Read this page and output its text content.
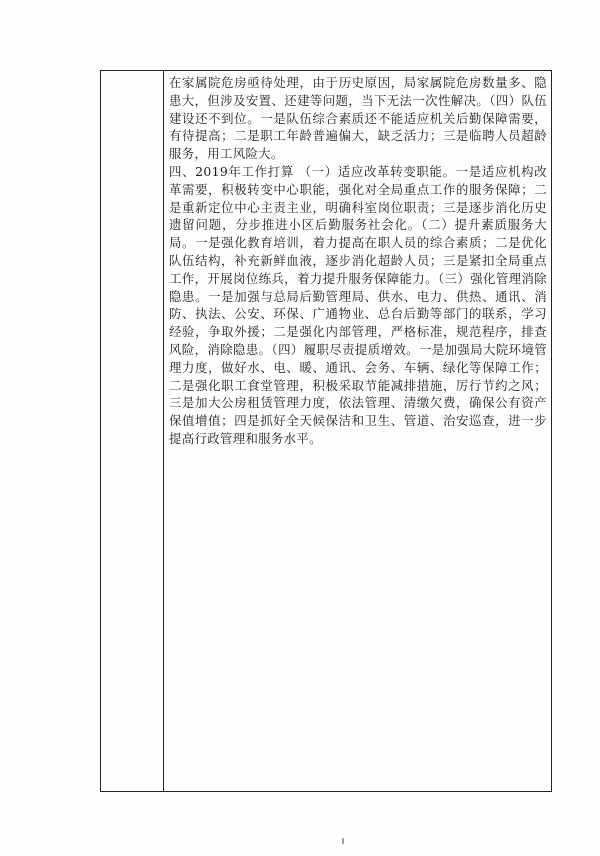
在家属院危房亟待处理，由于历史原因，局家属院危房数量多、隐患大，但涉及安置、还建等问题，当下无法一次性解决。（四）队伍建设还不到位。一是队伍综合素质还不能适应机关后勤保障需要，有待提高；二是职工年龄普遍偏大，缺乏活力；三是临聘人员超龄服务，用工风险大。

四、2019年工作打算 （一）适应改革转变职能。一是适应机构改革需要，积极转变中心职能，强化对全局重点工作的服务保障；二是重新定位中心主责主业，明确科室岗位职责；三是逐步消化历史遗留问题，分步推进小区后勤服务社会化。（二）提升素质服务大局。一是强化教育培训，着力提高在职人员的综合素质；二是优化队伍结构，补充新鲜血液，逐步消化超龄人员；三是紧扣全局重点工作，开展岗位练兵，着力提升服务保障能力。（三）强化管理消除隐患。一是加强与总局后勤管理局、供水、电力、供热、通讯、消防、执法、公安、环保、广通物业、总台后勤等部门的联系，学习经验，争取外援；二是强化内部管理，严格标准，规范程序，排查风险，消除隐患。（四）履职尽责提质增效。一是加强局大院环境管理力度，做好水、电、暖、通讯、会务、车辆、绿化等保障工作；二是强化职工食堂管理，积极采取节能减排措施，厉行节约之风；三是加大公房租赁管理力度，依法管理、清缴欠费，确保公有资产保值增值；四是抓好全天候保洁和卫生、管道、治安巡查，进一步提高行政管理和服务水平。
